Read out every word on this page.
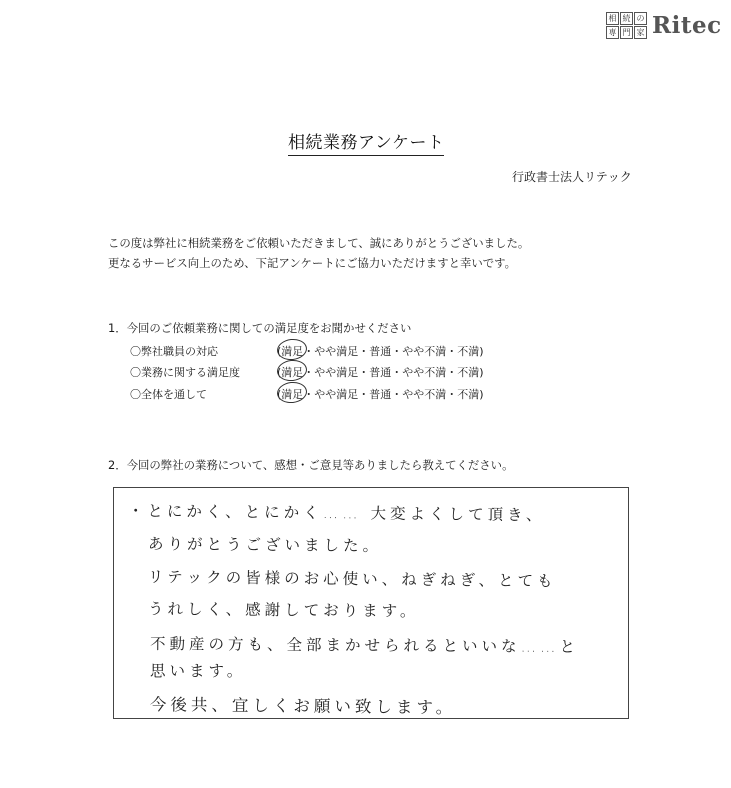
相 続 の
専 門 家 Ritec
相続業務アンケート
行政書士法人リテック
この度は弊社に相続業務をご依頼いただきまして、誠にありがとうございました。
更なるサービス向上のため、下記アンケートにご協力いただけますと幸いです。
1．今回のご依頼業務に関しての満足度をお聞かせください
〇弊社職員の対応	(満足・やや満足・普通・やや不満・不満)
〇業務に関する満足度	(満足・やや満足・普通・やや不満・不満)
〇全体を通して	(満足・やや満足・普通・やや不満・不満)
2．今回の弊社の業務について、感想・ご意見等ありましたら教えてください。
・とにかく、とにかく…… 大変よくして頂き、
ありがとうございました。
リテックの皆様のお心使い、ねぎねぎ、とても
うれしく、感謝しております。
不動産の方も、全部まかせられるといいな……と
思います。
今後共、宜しくお願い致します。
